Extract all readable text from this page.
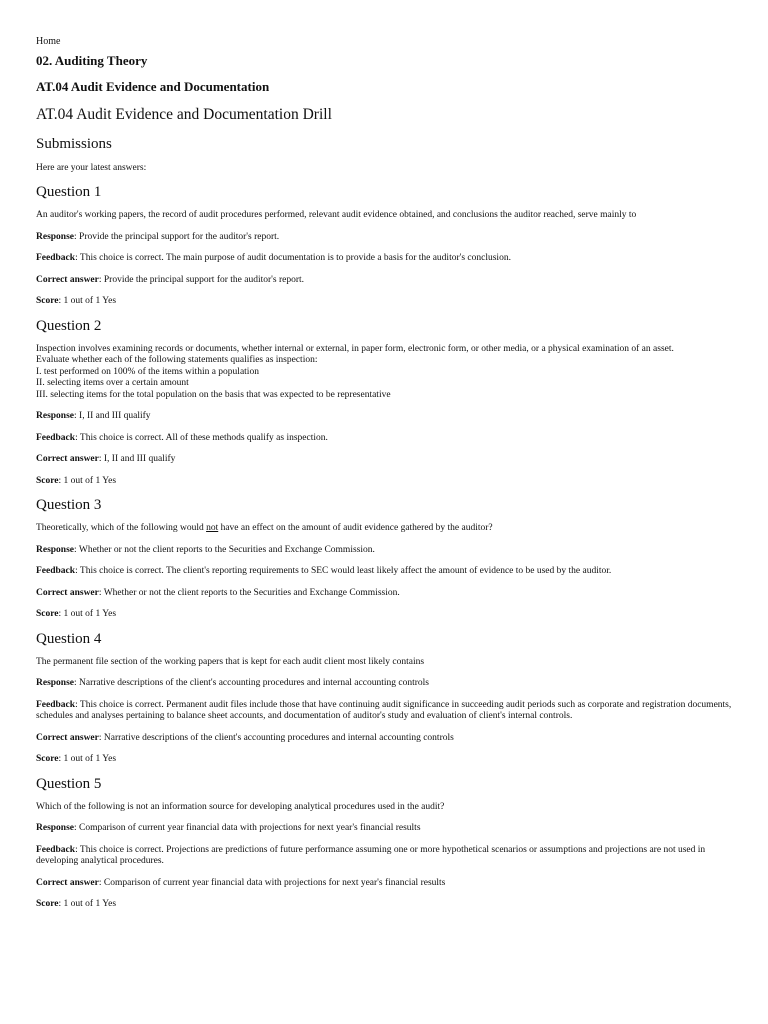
Home
02. Auditing Theory
AT.04 Audit Evidence and Documentation
AT.04 Audit Evidence and Documentation Drill
Submissions

Here are your latest answers:

Question 1

An auditor's working papers, the record of audit procedures performed, relevant audit evidence obtained, and conclusions the auditor reached, serve mainly to

Response: Provide the principal support for the auditor's report.

Feedback: This choice is correct. The main purpose of audit documentation is to provide a basis for the auditor's conclusion.

Correct answer: Provide the principal support for the auditor's report.

Score: 1 out of 1 Yes

Question 2

Inspection involves examining records or documents, whether internal or external, in paper form, electronic form, or other media, or a physical examination of an asset.
Evaluate whether each of the following statements qualifies as inspection:
I. test performed on 100% of the items within a population
II. selecting items over a certain amount
III. selecting items for the total population on the basis that was expected to be representative

Response: I, II and III qualify

Feedback: This choice is correct. All of these methods qualify as inspection.

Correct answer: I, II and III qualify

Score: 1 out of 1 Yes

Question 3

Theoretically, which of the following would not have an effect on the amount of audit evidence gathered by the auditor?

Response: Whether or not the client reports to the Securities and Exchange Commission.

Feedback: This choice is correct. The client's reporting requirements to SEC would least likely affect the amount of evidence to be used by the auditor.

Correct answer: Whether or not the client reports to the Securities and Exchange Commission.

Score: 1 out of 1 Yes

Question 4

The permanent file section of the working papers that is kept for each audit client most likely contains

Response: Narrative descriptions of the client's accounting procedures and internal accounting controls

Feedback: This choice is correct. Permanent audit files include those that have continuing audit significance in succeeding audit periods such as corporate and registration documents, schedules and analyses pertaining to balance sheet accounts, and documentation of auditor's study and evaluation of client's internal controls.

Correct answer: Narrative descriptions of the client's accounting procedures and internal accounting controls

Score: 1 out of 1 Yes

Question 5

Which of the following is not an information source for developing analytical procedures used in the audit?

Response: Comparison of current year financial data with projections for next year's financial results

Feedback: This choice is correct. Projections are predictions of future performance assuming one or more hypothetical scenarios or assumptions and projections are not used in developing analytical procedures.

Correct answer: Comparison of current year financial data with projections for next year's financial results

Score: 1 out of 1 Yes
